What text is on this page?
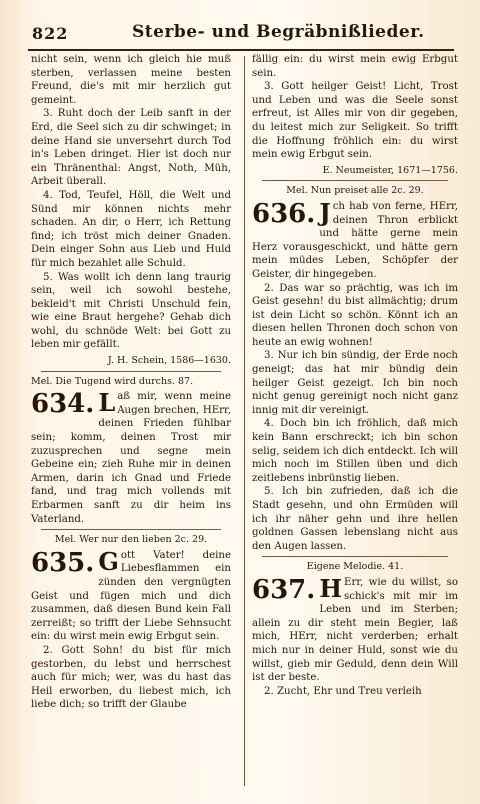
822	Sterbe- und Begräbnißlieder.

nicht sein, wenn ich gleich hie muß sterben, verlassen meine besten Freund, die's mit mir herzlich gut gemeint.

3. Ruht doch der Leib sanft in der Erd, die Seel sich zu dir schwinget; in deine Hand sie unversehrt durch Tod in's Leben dringet. Hier ist doch nur ein Thränenthal: Angst, Noth, Müh, Arbeit überall.

4. Tod, Teufel, Höll, die Welt und Sünd mir können nichts mehr schaden. An dir, o Herr, ich Rettung find; ich tröst mich deiner Gnaden. Dein einger Sohn aus Lieb und Huld für mich bezahlet alle Schuld.

5. Was wollt ich denn lang traurig sein, weil ich sowohl bestehe, bekleid't mit Christi Unschuld fein, wie eine Braut hergehe? Gehab dich wohl, du schnöde Welt: bei Gott zu leben mir gefällt.

J. H. Schein, 1586—1630.

Mel. Die Tugend wird durchs. 87.

634. L aß mir, wenn meine Augen brechen, HErr, deinen Frieden fühlbar sein; komm, deinen Trost mir zuzusprechen und segne mein Gebeine ein; zieh Ruhe mir in deinen Armen, darin ich Gnad und Friede fand, und trag mich vollends mit Erbarmen sanft zu dir heim ins Vaterland.

Mel. Wer nur den lieben 2c. 29.

635. G ott Vater! deine Liebesflammen ein zünden den vergnügten Geist und fügen mich und dich zusammen, daß diesen Bund kein Fall zerreißt; so trifft der Liebe Sehnsucht ein: du wirst mein ewig Erbgut sein.

2. Gott Sohn! du bist für mich gestorben, du lebst und herrschest auch für mich; wer, was du hast das Heil erworben, du liebest mich, ich liebe dich; so trifft der Glaube

fällig ein: du wirst mein ewig Erbgut sein.

3. Gott heilger Geist! Licht, Trost und Leben und was die Seele sonst erfreut, ist Alles mir von dir gegeben, du leitest mich zur Seligkeit. So trifft die Hoffnung fröhlich ein: du wirst mein ewig Erbgut sein.

E. Neumeister, 1671—1756.

Mel. Nun preiset alle 2c. 29.

636. J ch hab von ferne, HErr, deinen Thron erblickt und hätte gerne mein Herz vorausgeschickt, und hätte gern mein müdes Leben, Schöpfer der Geister, dir hingegeben.

2. Das war so prächtig, was ich im Geist gesehn! du bist allmächtig; drum ist dein Licht so schön. Könnt ich an diesen hellen Thronen doch schon von heute an ewig wohnen!

3. Nur ich bin sündig, der Erde noch geneigt; das hat mir bündig dein heilger Geist gezeigt. Ich bin noch nicht genug gereinigt noch nicht ganz innig mit dir vereinigt.

4. Doch bin ich fröhlich, daß mich kein Bann erschreckt; ich bin schon selig, seidem ich dich entdeckt. Ich will mich noch im Stillen üben und dich zeitlebens inbrünstig lieben.

5. Ich bin zufrieden, daß ich die Stadt gesehn, und ohn Ermüden will ich ihr näher gehn und ihre hellen goldnen Gassen lebenslang nicht aus den Augen lassen.

Eigene Melodie. 41.

637. H Err, wie du willst, so schick's mit mir im Leben und im Sterben; allein zu dir steht mein Begier, laß mich, HErr, nicht verderben; erhalt mich nur in deiner Huld, sonst wie du willst, gieb mir Geduld, denn dein Will ist der beste.

2. Zucht, Ehr und Treu verleih
